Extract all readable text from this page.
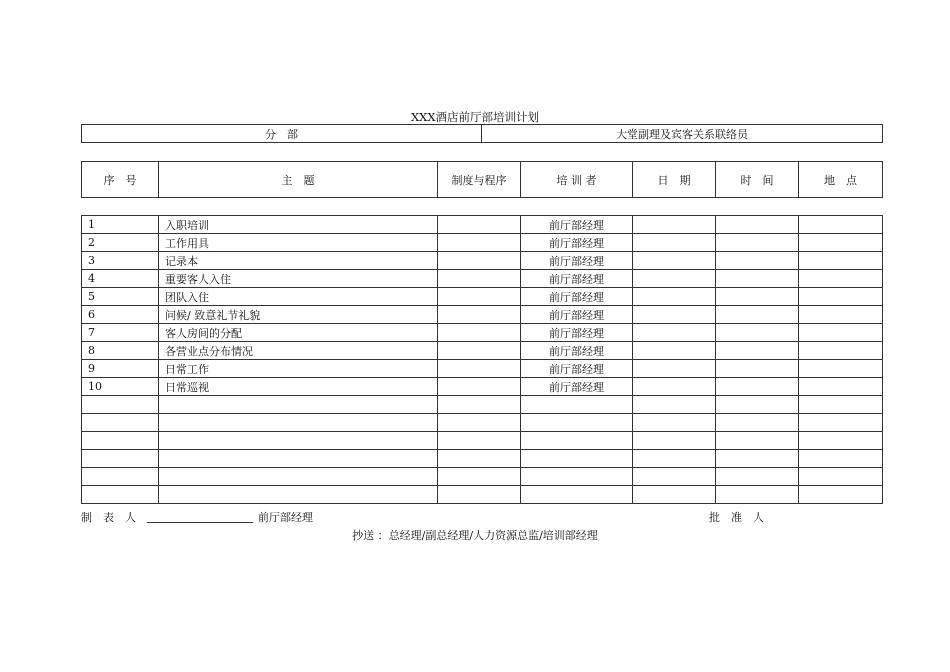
XXX酒店前厅部培训计划
分　部	大堂副理及宾客关系联络员
序　号	主　题	制度与程序	培 训 者	日　期	时　间	地　点
1	入职培训		前厅部经理			
2	工作用具		前厅部经理			
3	记录本		前厅部经理			
4	重要客人入住		前厅部经理			
5	团队入住		前厅部经理			
6	问候/ 致意礼节礼貌		前厅部经理			
7	客人房间的分配		前厅部经理			
8	各营业点分布情况		前厅部经理			
9	日常工作		前厅部经理			
10	日常巡视		前厅部经理			

制　表　人	前厅部经理	批　准　人
抄送 ：总经理/副总经理/人力资源总监/培训部经理
